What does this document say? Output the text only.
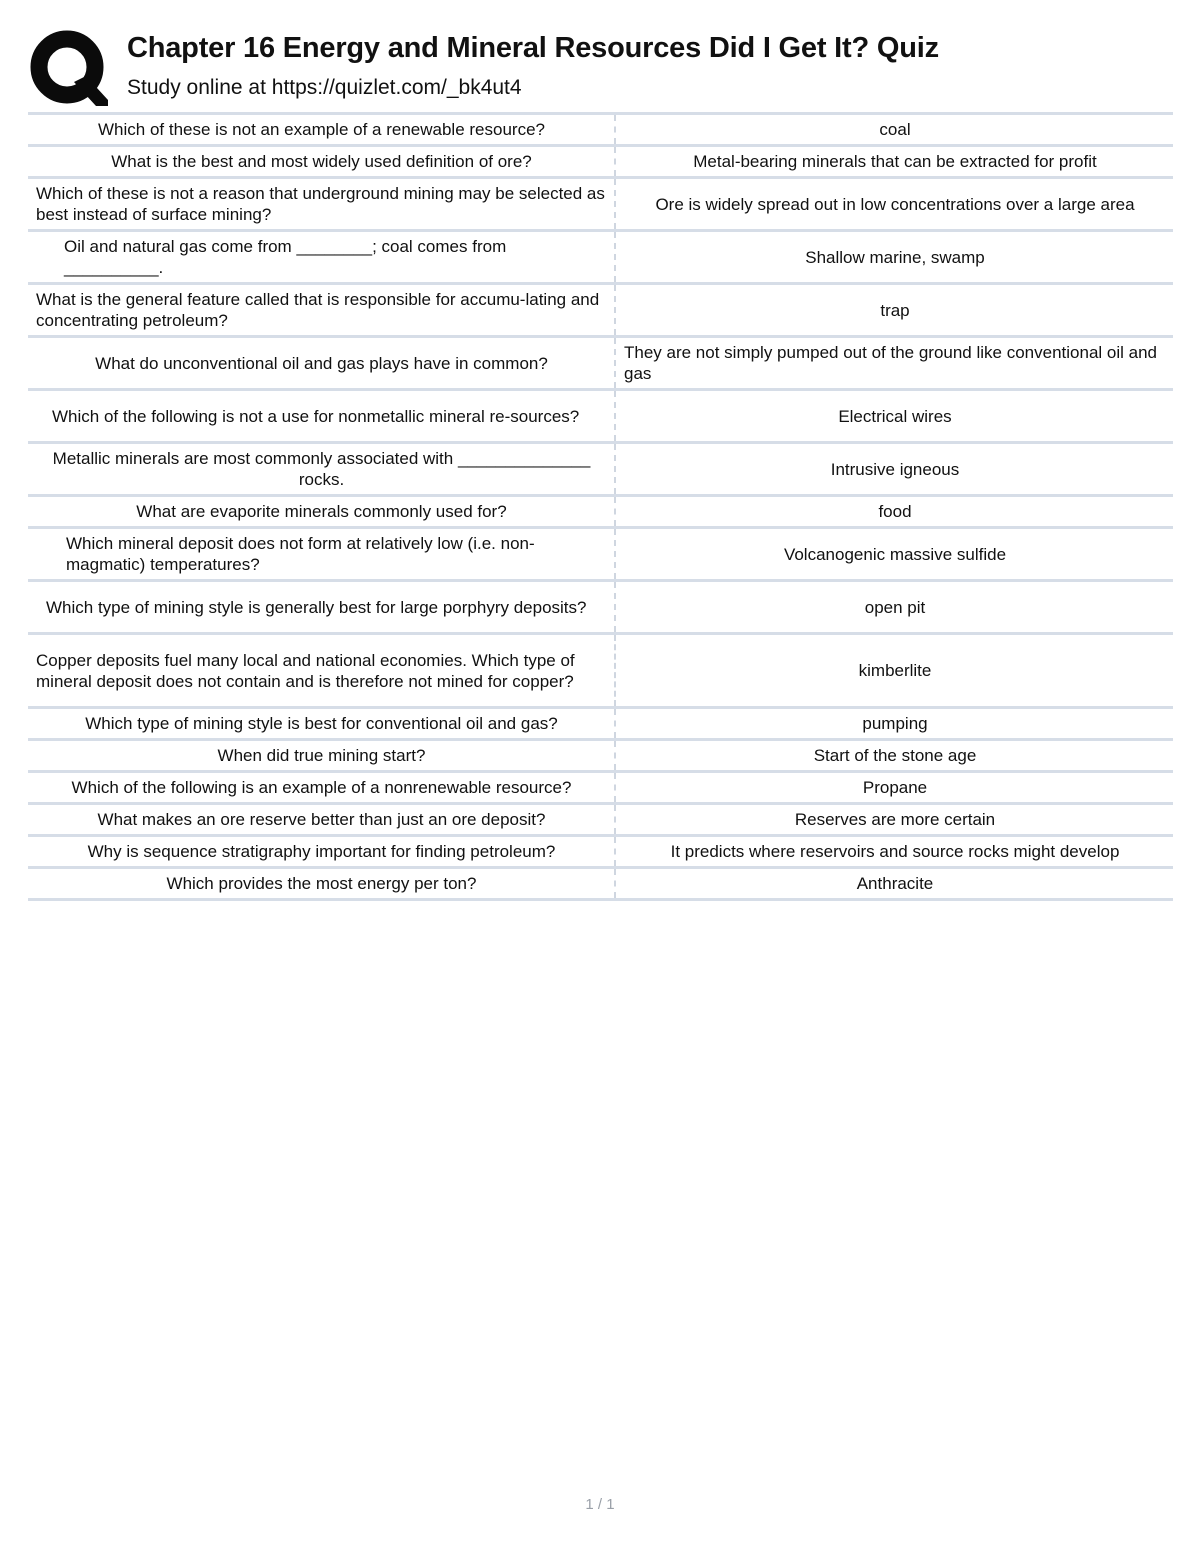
Chapter 16 Energy and Mineral Resources Did I Get It? Quiz
Study online at https://quizlet.com/_bk4ut4
Which of these is not an example of a renewable resource?	coal
What is the best and most widely used definition of ore?	Metal-bearing minerals that can be extracted for profit
Which of these is not a reason that underground mining may be selected as best instead of surface mining?	Ore is widely spread out in low concentrations over a large area
Oil and natural gas come from ________; coal comes from __________.	Shallow marine, swamp
What is the general feature called that is responsible for accumu-lating and concentrating petroleum?	trap
What do unconventional oil and gas plays have in common?	They are not simply pumped out of the ground like conventional oil and gas
Which of the following is not a use for nonmetallic mineral re-sources?	Electrical wires
Metallic minerals are most commonly associated with ______________ rocks.	Intrusive igneous
What are evaporite minerals commonly used for?	food
Which mineral deposit does not form at relatively low (i.e. non-magmatic) temperatures?	Volcanogenic massive sulfide
Which type of mining style is generally best for large porphyry deposits?	open pit
Copper deposits fuel many local and national economies. Which type of mineral deposit does not contain and is therefore not mined for copper?	kimberlite
Which type of mining style is best for conventional oil and gas?	pumping
When did true mining start?	Start of the stone age
Which of the following is an example of a nonrenewable resource?	Propane
What makes an ore reserve better than just an ore deposit?	Reserves are more certain
Why is sequence stratigraphy important for finding petroleum?	It predicts where reservoirs and source rocks might develop
Which provides the most energy per ton?	Anthracite
1 / 1
